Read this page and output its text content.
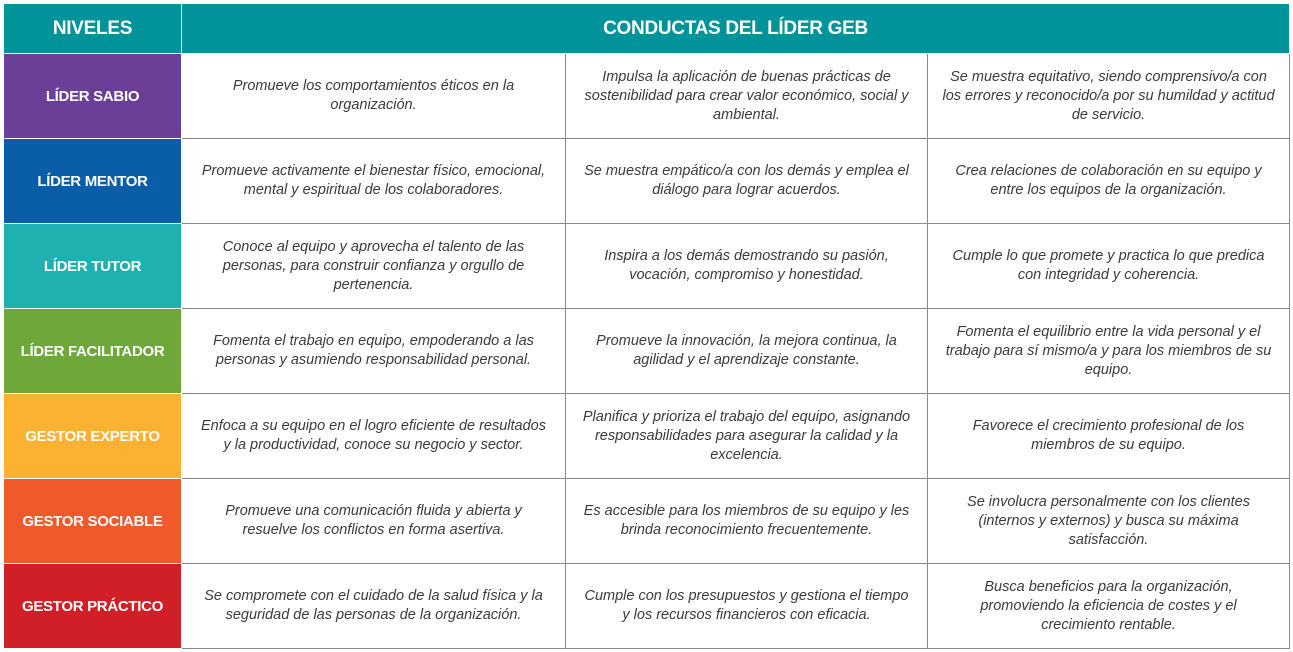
NIVELES	CONDUCTAS DEL LÍDER GEB		
LÍDER SABIO	Promueve los comportamientos éticos en la organización.	Impulsa la aplicación de buenas prácticas de sostenibilidad para crear valor económico, social y ambiental.	Se muestra equitativo, siendo comprensivo/a con los errores y reconocido/a por su humildad y actitud de servicio.
LÍDER MENTOR	Promueve activamente el bienestar físico, emocional, mental y espiritual de los colaboradores.	Se muestra empático/a con los demás y emplea el diálogo para lograr acuerdos.	Crea relaciones de colaboración en su equipo y entre los equipos de la organización.
LÍDER TUTOR	Conoce al equipo y aprovecha el talento de las personas, para construir confianza y orgullo de pertenencia.	Inspira a los demás demostrando su pasión, vocación, compromiso y honestidad.	Cumple lo que promete y practica lo que predica con integridad y coherencia.
LÍDER FACILITADOR	Fomenta el trabajo en equipo, empoderando a las personas y asumiendo responsabilidad personal.	Promueve la innovación, la mejora continua, la agilidad y el aprendizaje constante.	Fomenta el equilibrio entre la vida personal y el trabajo para sí mismo/a y para los miembros de su equipo.
GESTOR EXPERTO	Enfoca a su equipo en el logro eficiente de resultados y la productividad, conoce su negocio y sector.	Planifica y prioriza el trabajo del equipo, asignando responsabilidades para asegurar la calidad y la excelencia.	Favorece el crecimiento profesional de los miembros de su equipo.
GESTOR SOCIABLE	Promueve una comunicación fluida y abierta y resuelve los conflictos en forma asertiva.	Es accesible para los miembros de su equipo y les brinda reconocimiento frecuentemente.	Se involucra personalmente con los clientes (internos y externos) y busca su máxima satisfacción.
GESTOR PRÁCTICO	Se compromete con el cuidado de la salud física y la seguridad de las personas de la organización.	Cumple con los presupuestos y gestiona el tiempo y los recursos financieros con eficacia.	Busca beneficios para la organización, promoviendo la eficiencia de costes y el crecimiento rentable.
